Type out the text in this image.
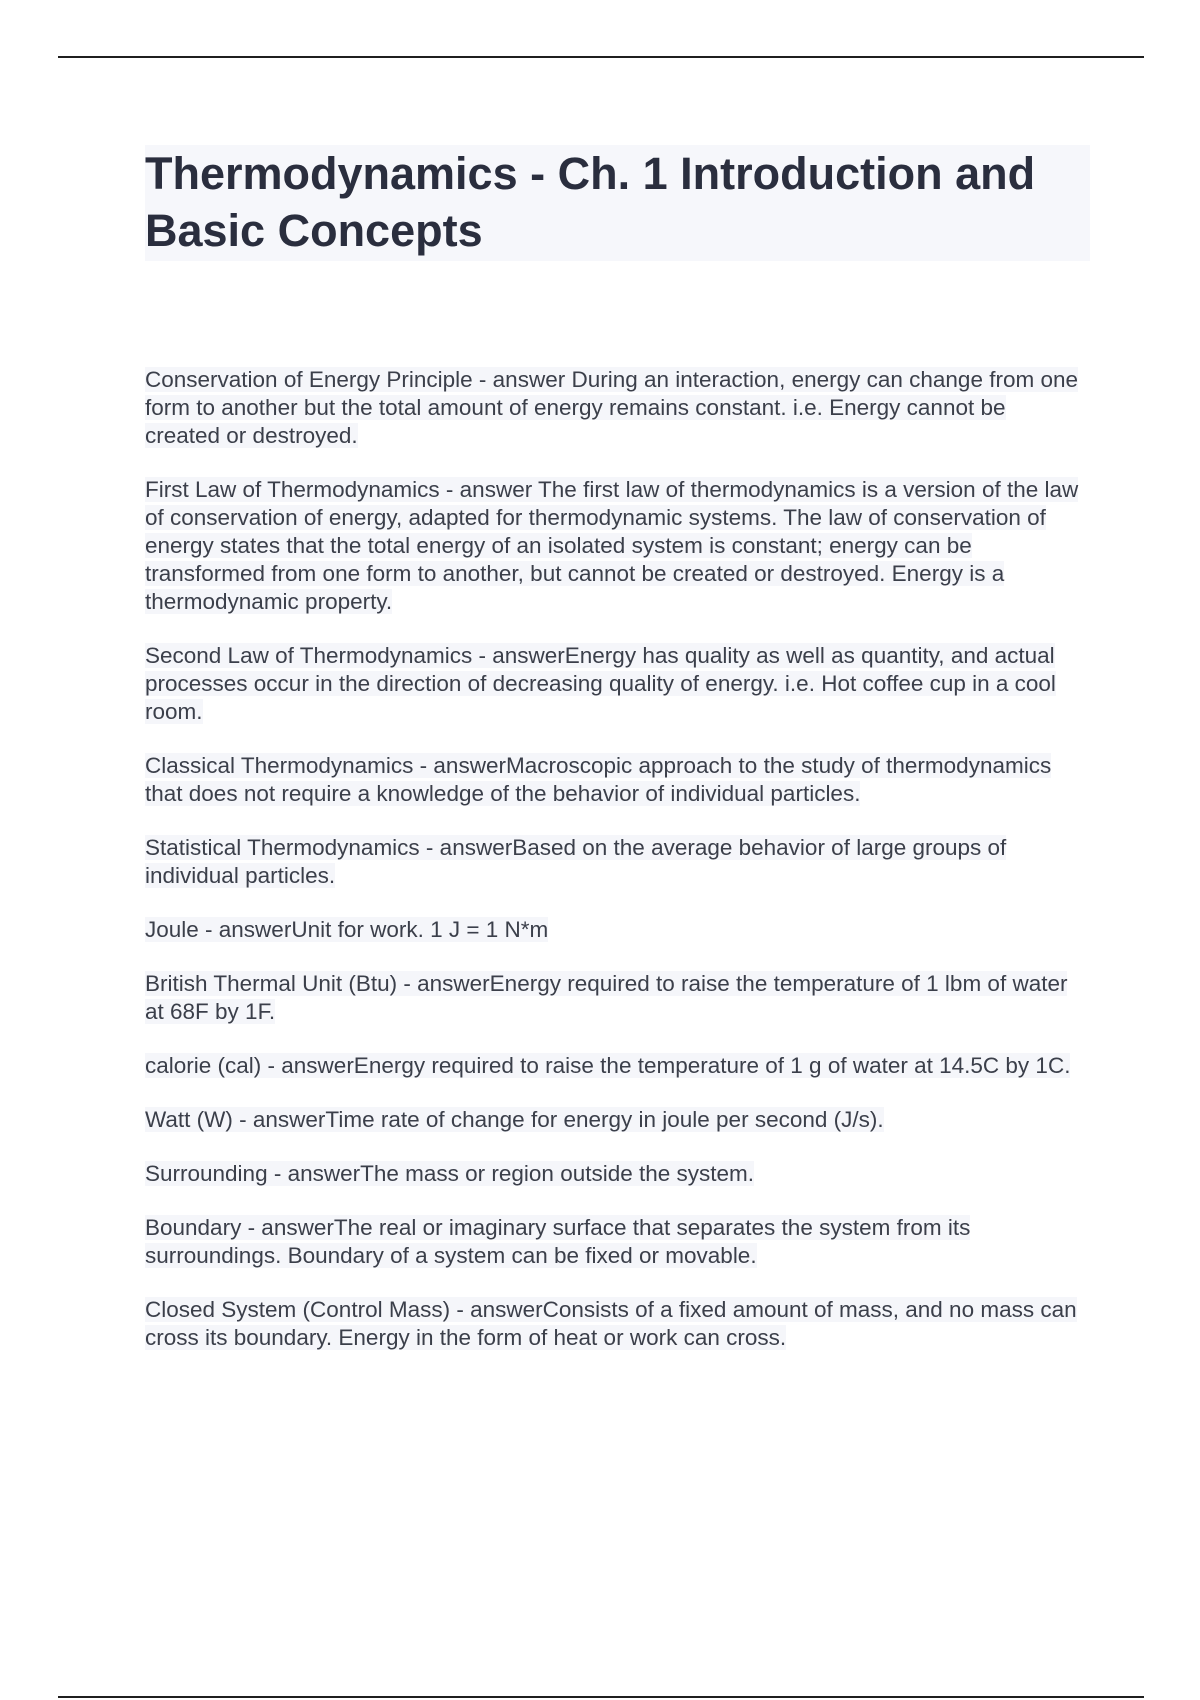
Thermodynamics - Ch. 1 Introduction and Basic Concepts

Conservation of Energy Principle - answer During an interaction, energy can change from one form to another but the total amount of energy remains constant. i.e. Energy cannot be created or destroyed.

First Law of Thermodynamics - answer The first law of thermodynamics is a version of the law of conservation of energy, adapted for thermodynamic systems. The law of conservation of energy states that the total energy of an isolated system is constant; energy can be transformed from one form to another, but cannot be created or destroyed. Energy is a thermodynamic property.

Second Law of Thermodynamics - answerEnergy has quality as well as quantity, and actual processes occur in the direction of decreasing quality of energy. i.e. Hot coffee cup in a cool room.

Classical Thermodynamics - answerMacroscopic approach to the study of thermodynamics that does not require a knowledge of the behavior of individual particles.

Statistical Thermodynamics - answerBased on the average behavior of large groups of individual particles.

Joule - answerUnit for work. 1 J = 1 N*m

British Thermal Unit (Btu) - answerEnergy required to raise the temperature of 1 lbm of water at 68F by 1F.

calorie (cal) - answerEnergy required to raise the temperature of 1 g of water at 14.5C by 1C.

Watt (W) - answerTime rate of change for energy in joule per second (J/s).

Surrounding - answerThe mass or region outside the system.

Boundary - answerThe real or imaginary surface that separates the system from its surroundings. Boundary of a system can be fixed or movable.

Closed System (Control Mass) - answerConsists of a fixed amount of mass, and no mass can cross its boundary. Energy in the form of heat or work can cross.
